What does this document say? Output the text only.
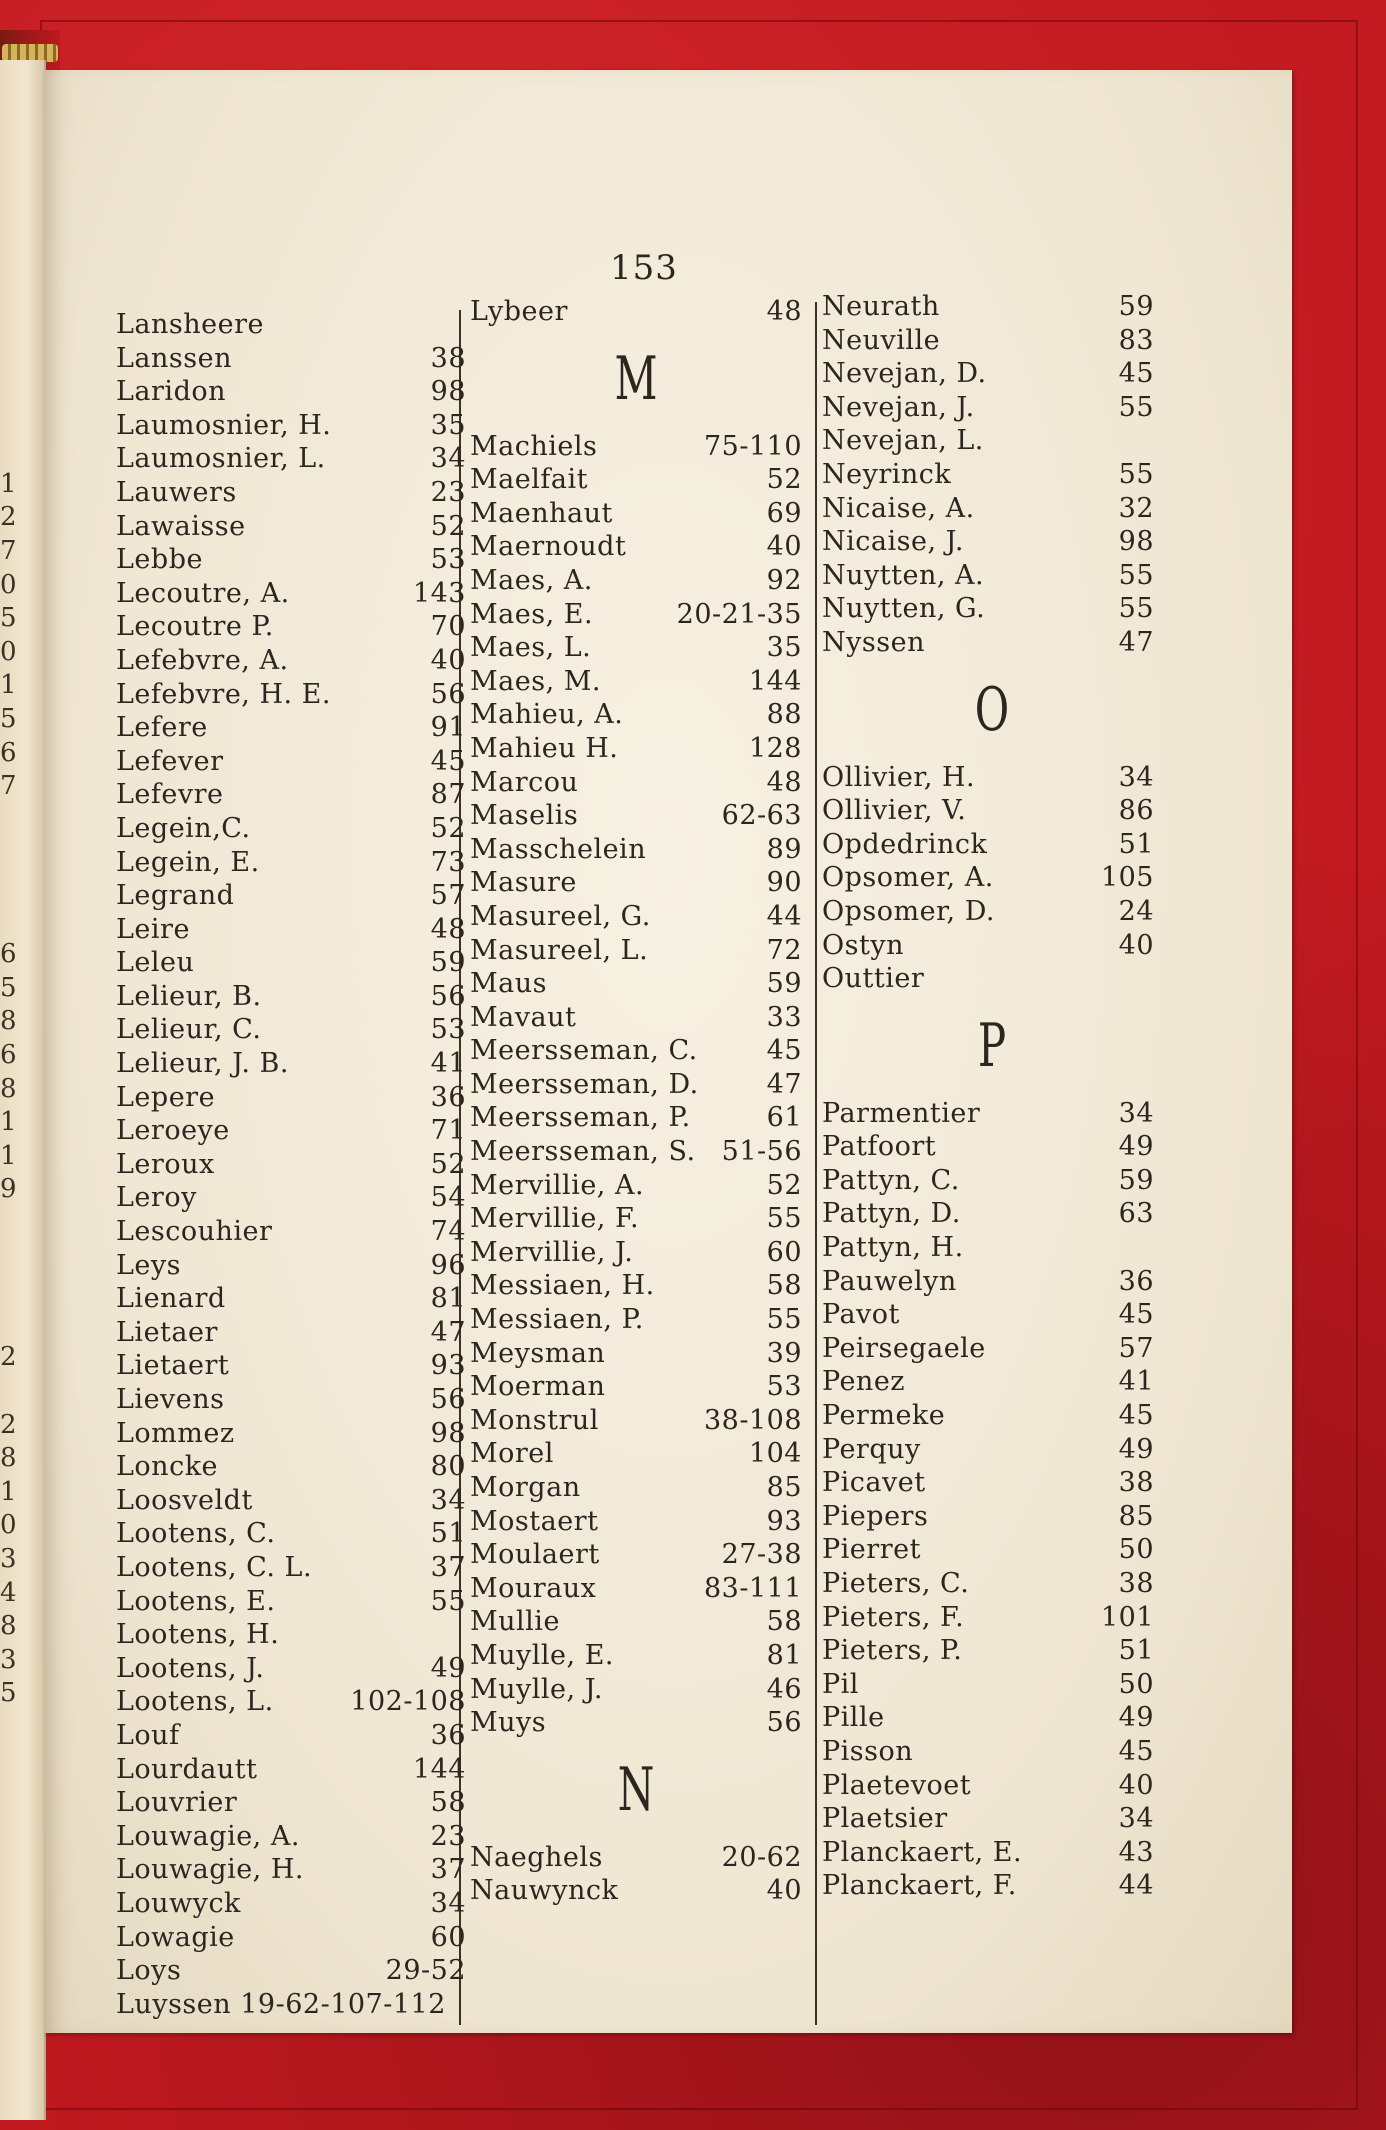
1
2
7
0
5
0
1
5
6
7
6
5
8
6
8
1
1
9
2
2
8
1
0
3
4
8
3
5
153
Lansheere
Lanssen	38
Laridon	98
Laumosnier, H.	35
Laumosnier, L.	34
Lauwers	23
Lawaisse	52
Lebbe	53
Lecoutre, A.	143
Lecoutre P.	70
Lefebvre, A.	40
Lefebvre, H. E.	56
Lefere	91
Lefever	45
Lefevre	87
Legein,C.	52
Legein, E.	73
Legrand	57
Leire	48
Leleu	59
Lelieur, B.	56
Lelieur, C.	53
Lelieur, J. B.	41
Lepere	36
Leroeye	71
Leroux	52
Leroy	54
Lescouhier	74
Leys	96
Lienard	81
Lietaer	47
Lietaert	93
Lievens	56
Lommez	98
Loncke	80
Loosveldt	34
Lootens, C.	51
Lootens, C. L.	37
Lootens, E.	55
Lootens, H.
Lootens, J.	49
Lootens, L.	102-108
Louf	36
Lourdautt	144
Louvrier	58
Louwagie, A.	23
Louwagie, H.	37
Louwyck	34
Lowagie	60
Loys	29-52
Luyssen 19-62-107-112
Lybeer	48
M
Machiels	75-110
Maelfait	52
Maenhaut	69
Maernoudt	40
Maes, A.	92
Maes, E.	20-21-35
Maes, L.	35
Maes, M.	144
Mahieu, A.	88
Mahieu H.	128
Marcou	48
Maselis	62-63
Masschelein	89
Masure	90
Masureel, G.	44
Masureel, L.	72
Maus	59
Mavaut	33
Meersseman, C.	45
Meersseman, D.	47
Meersseman, P.	61
Meersseman, S. 51-56
Mervillie, A.	52
Mervillie, F.	55
Mervillie, J.	60
Messiaen, H.	58
Messiaen, P.	55
Meysman	39
Moerman	53
Monstrul	38-108
Morel	104
Morgan	85
Mostaert	93
Moulaert	27-38
Mouraux	83-111
Mullie	58
Muylle, E.	81
Muylle, J.	46
Muys	56
N
Naeghels	20-62
Nauwynck	40
Neurath	59
Neuville	83
Nevejan, D.	45
Nevejan, J.	55
Nevejan, L.
Neyrinck	55
Nicaise, A.	32
Nicaise, J.	98
Nuytten, A.	55
Nuytten, G.	55
Nyssen	47
O
Ollivier, H.	34
Ollivier, V.	86
Opdedrinck	51
Opsomer, A.	105
Opsomer, D.	24
Ostyn	40
Outtier
P
Parmentier	34
Patfoort	49
Pattyn, C.	59
Pattyn, D.	63
Pattyn, H.
Pauwelyn	36
Pavot	45
Peirsegaele	57
Penez	41
Permeke	45
Perquy	49
Picavet	38
Piepers	85
Pierret	50
Pieters, C.	38
Pieters, F.	101
Pieters, P.	51
Pil	50
Pille	49
Pisson	45
Plaetevoet	40
Plaetsier	34
Planckaert, E.	43
Planckaert, F.	44
